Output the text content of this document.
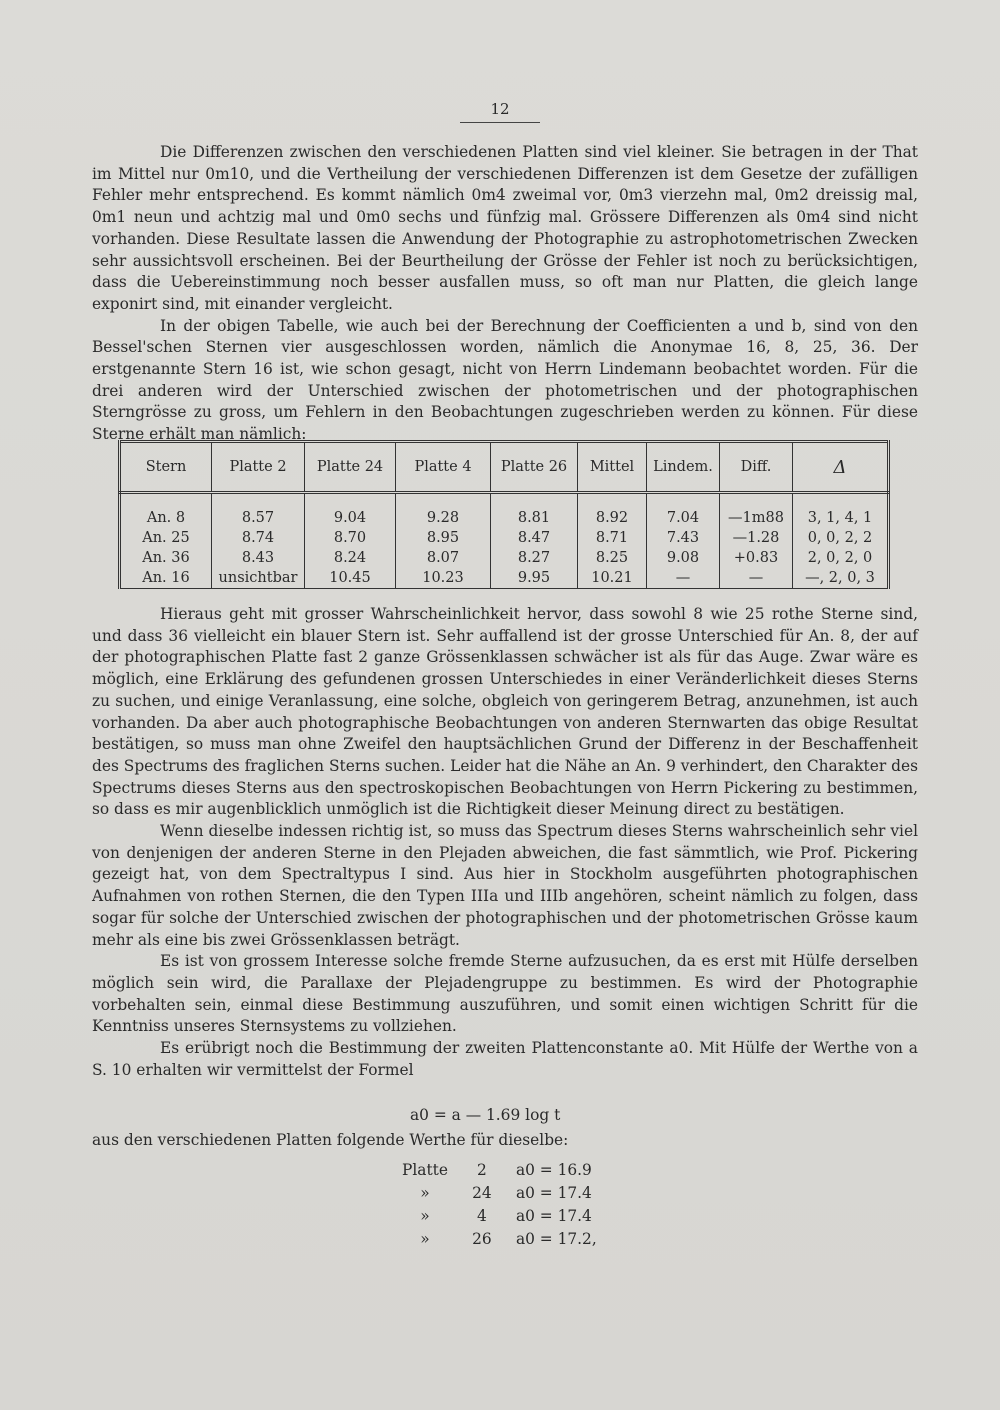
12

Die Differenzen zwischen den verschiedenen Platten sind viel kleiner. Sie betragen in der That im Mittel nur 0m10, und die Vertheilung der verschiedenen Differenzen ist dem Gesetze der zufälligen Fehler mehr entsprechend. Es kommt nämlich 0m4 zweimal vor, 0m3 vierzehn mal, 0m2 dreissig mal, 0m1 neun und achtzig mal und 0m0 sechs und fünfzig mal. Grössere Differenzen als 0m4 sind nicht vorhanden. Diese Resultate lassen die Anwendung der Photographie zu astrophotometrischen Zwecken sehr aussichtsvoll erscheinen. Bei der Beurtheilung der Grösse der Fehler ist noch zu berücksichtigen, dass die Uebereinstimmung noch besser ausfallen muss, so oft man nur Platten, die gleich lange exponirt sind, mit einander vergleicht.

In der obigen Tabelle, wie auch bei der Berechnung der Coefficienten a und b, sind von den Bessel'schen Sternen vier ausgeschlossen worden, nämlich die Anonymae 16, 8, 25, 36. Der erstgenannte Stern 16 ist, wie schon gesagt, nicht von Herrn Lindemann beobachtet worden. Für die drei anderen wird der Unterschied zwischen der photometrischen und der photographischen Sterngrösse zu gross, um Fehlern in den Beobachtungen zugeschrieben werden zu können. Für diese Sterne erhält man nämlich:

Stern	Platte 2	Platte 24	Platte 4	Platte 26	Mittel	Lindem.	Diff.	Δ
An. 8	8.57	9.04	9.28	8.81	8.92	7.04	—1m88	3, 1, 4, 1
An. 25	8.74	8.70	8.95	8.47	8.71	7.43	—1.28	0, 0, 2, 2
An. 36	8.43	8.24	8.07	8.27	8.25	9.08	+0.83	2, 0, 2, 0
An. 16	unsichtbar	10.45	10.23	9.95	10.21	—	—	—, 2, 0, 3

Hieraus geht mit grosser Wahrscheinlichkeit hervor, dass sowohl 8 wie 25 rothe Sterne sind, und dass 36 vielleicht ein blauer Stern ist. Sehr auffallend ist der grosse Unterschied für An. 8, der auf der photographischen Platte fast 2 ganze Grössenklassen schwächer ist als für das Auge. Zwar wäre es möglich, eine Erklärung des gefundenen grossen Unterschiedes in einer Veränderlichkeit dieses Sterns zu suchen, und einige Veranlassung, eine solche, obgleich von geringerem Betrag, anzunehmen, ist auch vorhanden. Da aber auch photographische Beobachtungen von anderen Sternwarten das obige Resultat bestätigen, so muss man ohne Zweifel den hauptsächlichen Grund der Differenz in der Beschaffenheit des Spectrums des fraglichen Sterns suchen. Leider hat die Nähe an An. 9 verhindert, den Charakter des Spectrums dieses Sterns aus den spectroskopischen Beobachtungen von Herrn Pickering zu bestimmen, so dass es mir augenblicklich unmöglich ist die Richtigkeit dieser Meinung direct zu bestätigen.

Wenn dieselbe indessen richtig ist, so muss das Spectrum dieses Sterns wahrscheinlich sehr viel von denjenigen der anderen Sterne in den Plejaden abweichen, die fast sämmtlich, wie Prof. Pickering gezeigt hat, von dem Spectraltypus I sind. Aus hier in Stockholm ausgeführten photographischen Aufnahmen von rothen Sternen, die den Typen IIIa und IIIb angehören, scheint nämlich zu folgen, dass sogar für solche der Unterschied zwischen der photographischen und der photometrischen Grösse kaum mehr als eine bis zwei Grössenklassen beträgt.

Es ist von grossem Interesse solche fremde Sterne aufzusuchen, da es erst mit Hülfe derselben möglich sein wird, die Parallaxe der Plejadengruppe zu bestimmen. Es wird der Photographie vorbehalten sein, einmal diese Bestimmung auszuführen, und somit einen wichtigen Schritt für die Kenntniss unseres Sternsystems zu vollziehen.

Es erübrigt noch die Bestimmung der zweiten Plattenconstante a0. Mit Hülfe der Werthe von a S. 10 erhalten wir vermittelst der Formel

a0 = a — 1.69 log t
aus den verschiedenen Platten folgende Werthe für dieselbe:
Platte	2	a0 = 16.9
»	24	a0 = 17.4
»	4	a0 = 17.4
»	26	a0 = 17.2,
